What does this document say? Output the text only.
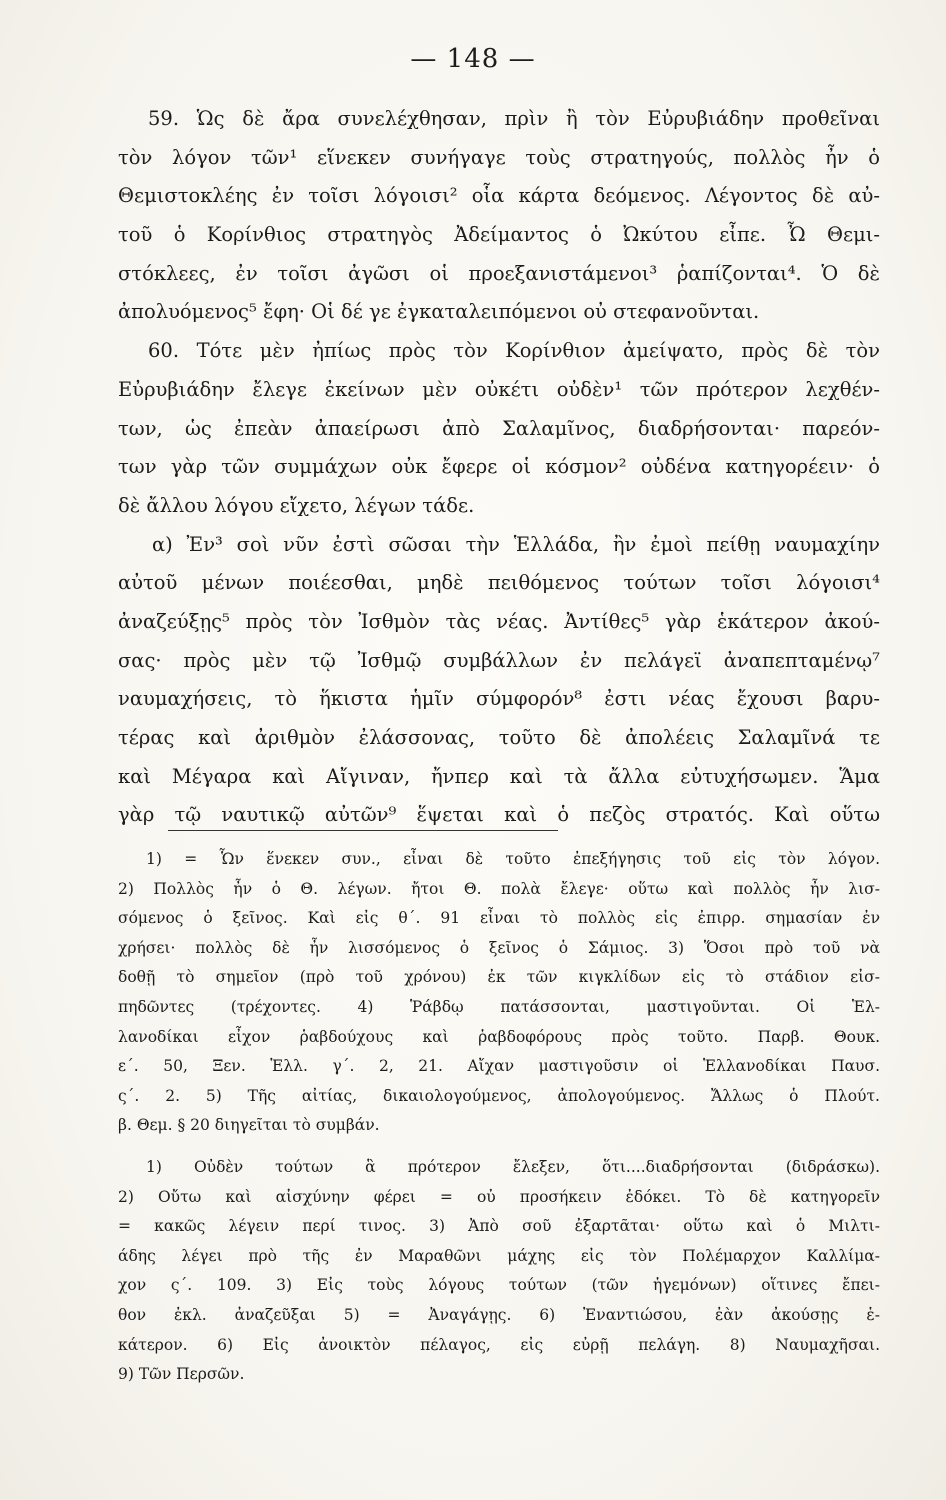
— 148 —
59. Ὡς δὲ ἄρα συνελέχθησαν, πρὶν ἢ τὸν Εὐρυβιάδην προθεῖναι
τὸν λόγον τῶν¹ εἵνεκεν συνήγαγε τοὺς στρατηγούς, πολλὸς ἦν ὁ
Θεμιστοκλέης ἐν τοῖσι λόγοισι² οἷα κάρτα δεόμενος. Λέγοντος δὲ αὐ-
τοῦ ὁ Κορίνθιος στρατηγὸς Ἀδείμαντος ὁ Ὠκύτου εἶπε. Ὦ Θεμι-
στόκλεες, ἐν τοῖσι ἀγῶσι οἱ προεξανιστάμενοι³ ῥαπίζονται⁴. Ὁ δὲ
ἀπολυόμενος⁵ ἔφη· Οἱ δέ γε ἐγκαταλειπόμενοι οὐ στεφανοῦνται.
60. Τότε μὲν ἠπίως πρὸς τὸν Κορίνθιον ἀμείψατο, πρὸς δὲ τὸν
Εὐρυβιάδην ἔλεγε ἐκείνων μὲν οὐκέτι οὐδὲν¹ τῶν πρότερον λεχθέν-
των, ὡς ἐπεὰν ἀπαείρωσι ἀπὸ Σαλαμῖνος, διαδρήσονται· παρεόν-
των γὰρ τῶν συμμάχων οὐκ ἔφερε οἱ κόσμον² οὐδένα κατηγορέειν· ὁ
δὲ ἄλλου λόγου εἴχετο, λέγων τάδε.
α) Ἐν³ σοὶ νῦν ἐστὶ σῶσαι τὴν Ἑλλάδα, ἢν ἐμοὶ πείθῃ ναυμαχίην
αὐτοῦ μένων ποιέεσθαι, μηδὲ πειθόμενος τούτων τοῖσι λόγοισι⁴
ἀναζεύξῃς⁵ πρὸς τὸν Ἰσθμὸν τὰς νέας. Ἀντίθες⁵ γὰρ ἑκάτερον ἀκού-
σας· πρὸς μὲν τῷ Ἰσθμῷ συμβάλλων ἐν πελάγεϊ ἀναπεπταμένῳ⁷
ναυμαχήσεις, τὸ ἥκιστα ἡμῖν σύμφορόν⁸ ἐστι νέας ἔχουσι βαρυ-
τέρας καὶ ἀριθμὸν ἐλάσσονας, τοῦτο δὲ ἀπολέεις Σαλαμῖνά τε
καὶ Μέγαρα καὶ Αἴγιναν, ἤνπερ καὶ τὰ ἄλλα εὐτυχήσωμεν. Ἅμα
γὰρ τῷ ναυτικῷ αὐτῶν⁹ ἕψεται καὶ ὁ πεζὸς στρατός. Καὶ οὕτω
1) = Ὧν ἕνεκεν συν., εἶναι δὲ τοῦτο ἐπεξήγησις τοῦ εἰς τὸν λόγον.
2) Πολλὸς ἦν ὁ Θ. λέγων. ἤτοι Θ. πολὰ ἔλεγε· οὕτω καὶ πολλὸς ἦν λισ-
σόμενος ὁ ξεῖνος. Καὶ εἰς θ΄. 91 εἶναι τὸ πολλὸς εἰς ἐπιρρ. σημασίαν ἐν
χρήσει· πολλὸς δὲ ἦν λισσόμενος ὁ ξεῖνος ὁ Σάμιος. 3) Ὅσοι πρὸ τοῦ νὰ
δοθῇ τὸ σημεῖον (πρὸ τοῦ χρόνου) ἐκ τῶν κιγκλίδων εἰς τὸ στάδιον εἰσ-
πηδῶντες (τρέχοντες. 4) Ῥάβδῳ πατάσσονται, μαστιγοῦνται. Οἱ Ἑλ-
λανοδίκαι εἶχον ῥαβδούχους καὶ ῥαβδοφόρους πρὸς τοῦτο. Παρβ. Θουκ.
ε΄. 50, Ξεν. Ἑλλ. γ΄. 2, 21. Αἴχαν μαστιγοῦσιν οἱ Ἑλλανοδίκαι Παυσ.
ς΄. 2. 5) Τῆς αἰτίας, δικαιολογούμενος, ἀπολογούμενος. Ἄλλως ὁ Πλούτ.
β. Θεμ. § 20 διηγεῖται τὸ συμβάν.
1) Οὐδὲν τούτων ἃ πρότερον ἔλεξεν, ὅτι....διαδρήσονται (διδράσκω).
2) Οὔτω καὶ αἰσχύνην φέρει = οὐ προσήκειν ἐδόκει. Τὸ δὲ κατηγορεῖν
= κακῶς λέγειν περί τινος. 3) Ἀπὸ σοῦ ἐξαρτᾶται· οὕτω καὶ ὁ Μιλτι-
άδης λέγει πρὸ τῆς ἐν Μαραθῶνι μάχης εἰς τὸν Πολέμαρχον Καλλίμα-
χον ς΄. 109. 3) Εἰς τοὺς λόγους τούτων (τῶν ἡγεμόνων) οἵτινες ἔπει-
θον ἐκλ. ἀναζεῦξαι 5) = Ἀναγάγῃς. 6) Ἐναντιώσου, ἐὰν ἀκούσῃς ἑ-
κάτερον. 6) Εἰς ἀνοικτὸν πέλαγος, εἰς εὐρῇ πελάγη. 8) Ναυμαχῆσαι.
9) Τῶν Περσῶν.
